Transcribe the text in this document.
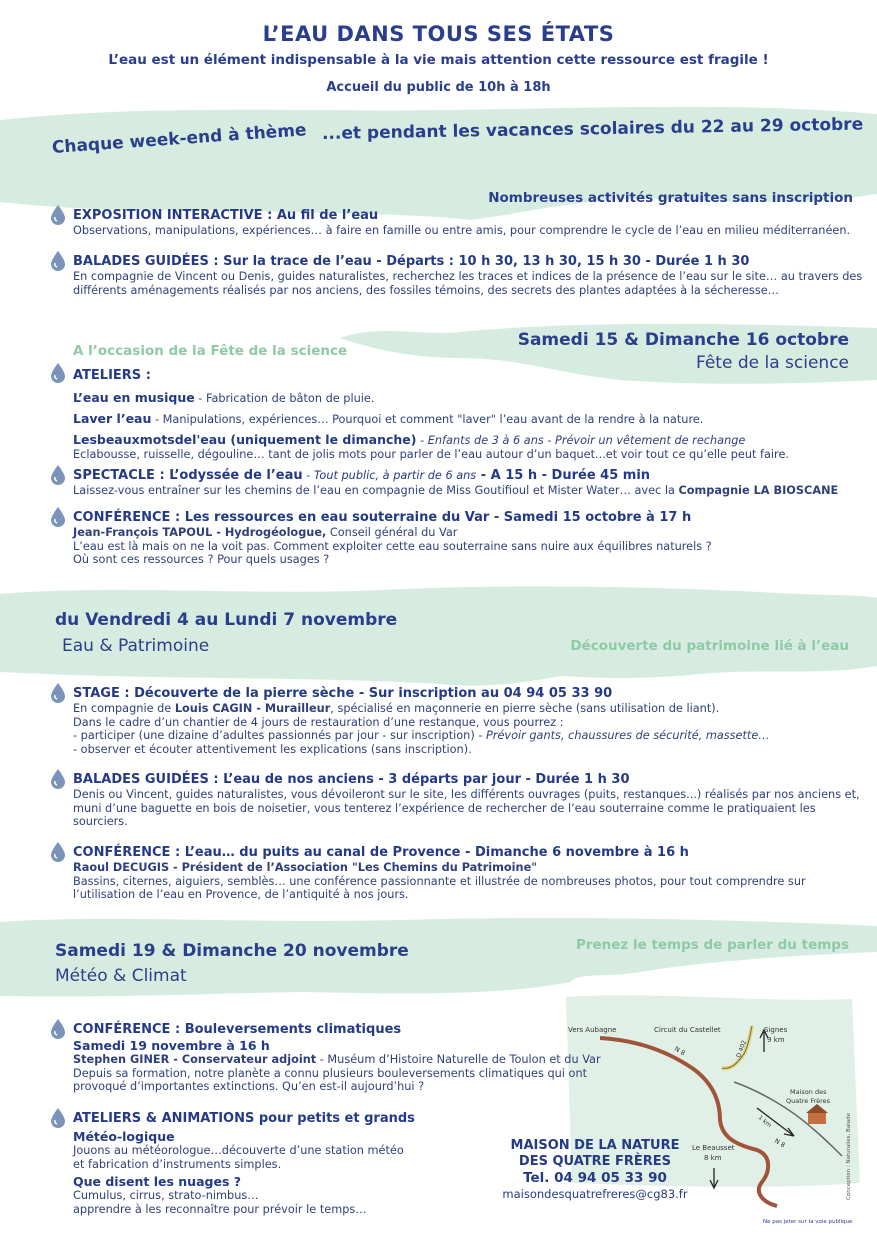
L’EAU DANS TOUS SES ÉTATS
L’eau est un élément indispensable à la vie mais attention cette ressource est fragile !
Accueil du public de 10h à 18h
Chaque week-end à thème ...et pendant les vacances scolaires du 22 au 29 octobre
Nombreuses activités gratuites sans inscription
EXPOSITION INTERACTIVE : Au fil de l’eau
Observations, manipulations, expériences… à faire en famille ou entre amis, pour comprendre le cycle de l’eau en milieu méditerranéen.
BALADES GUIDÉES : Sur la trace de l’eau - Départs : 10 h 30, 13 h 30, 15 h 30 - Durée 1 h 30
En compagnie de Vincent ou Denis, guides naturalistes, recherchez les traces et indices de la présence de l’eau sur le site… au travers des différents aménagements réalisés par nos anciens, des fossiles témoins, des secrets des plantes adaptées à la sécheresse…
A l’occasion de la Fête de la science
Samedi 15 & Dimanche 16 octobre
Fête de la science
ATELIERS :
L’eau en musique - Fabrication de bâton de pluie.
Laver l’eau - Manipulations, expériences… Pourquoi et comment "laver" l’eau avant de la rendre à la nature.
Lesbeauxmotsdel'eau (uniquement le dimanche) - Enfants de 3 à 6 ans - Prévoir un vêtement de rechange
Eclabousse, ruisselle, dégouline… tant de jolis mots pour parler de l’eau autour d’un baquet...et voir tout ce qu’elle peut faire.
SPECTACLE : L’odyssée de l’eau - Tout public, à partir de 6 ans - A 15 h - Durée 45 min
Laissez-vous entraîner sur les chemins de l’eau en compagnie de Miss Goutifioul et Mister Water… avec la Compagnie LA BIOSCANE
CONFÉRENCE : Les ressources en eau souterraine du Var - Samedi 15 octobre à 17 h
Jean-François TAPOUL - Hydrogéologue, Conseil général du Var
L’eau est là mais on ne la voit pas. Comment exploiter cette eau souterraine sans nuire aux équilibres naturels ?
Où sont ces ressources ? Pour quels usages ?
du Vendredi 4 au Lundi 7 novembre
Eau & Patrimoine	Découverte du patrimoine lié à l’eau
STAGE : Découverte de la pierre sèche - Sur inscription au 04 94 05 33 90
En compagnie de Louis CAGIN - Murailleur, spécialisé en maçonnerie en pierre sèche (sans utilisation de liant).
Dans le cadre d’un chantier de 4 jours de restauration d’une restanque, vous pourrez :
- participer (une dizaine d’adultes passionnés par jour - sur inscription) - Prévoir gants, chaussures de sécurité, massette…
- observer et écouter attentivement les explications (sans inscription).
BALADES GUIDÉES : L’eau de nos anciens - 3 départs par jour - Durée 1 h 30
Denis ou Vincent, guides naturalistes, vous dévoileront sur le site, les différents ouvrages (puits, restanques...) réalisés par nos anciens et, muni d’une baguette en bois de noisetier, vous tenterez l’expérience de rechercher de l’eau souterraine comme le pratiquaient les sourciers.
CONFÉRENCE : L’eau… du puits au canal de Provence - Dimanche 6 novembre à 16 h
Raoul DECUGIS - Président de l’Association "Les Chemins du Patrimoine"
Bassins, citernes, aiguiers, semblès… une conférence passionnante et illustrée de nombreuses photos, pour tout comprendre sur l’utilisation de l’eau en Provence, de l’antiquité à nos jours.
Samedi 19 & Dimanche 20 novembre
Météo & Climat
Prenez le temps de parler du temps
CONFÉRENCE : Bouleversements climatiques
Samedi 19 novembre à 16 h
Stephen GINER - Conservateur adjoint - Muséum d’Histoire Naturelle de Toulon et du Var
Depuis sa formation, notre planète a connu plusieurs bouleversements climatiques qui ont provoqué d’importantes extinctions. Qu’en est-il aujourd’hui ?
ATELIERS & ANIMATIONS pour petits et grands
Météo-logique
Jouons au météorologue…découverte d’une station météo
et fabrication d’instruments simples.
Que disent les nuages ?
Cumulus, cirrus, strato-nimbus…
apprendre à les reconnaître pour prévoir le temps…
MAISON DE LA NATURE
DES QUATRE FRÈRES
Tel. 04 94 05 33 90
maisondesquatrefreres@cg83.fr
Vers Aubagne	Circuit du Castellet
D 402
Signes
9 km
Maison des
Quatre Frères
N 8
N 8
1 km
Le Beausset
8 km	Conception : Naturalies, Balade
Ne pas jeter sur la voie publique
